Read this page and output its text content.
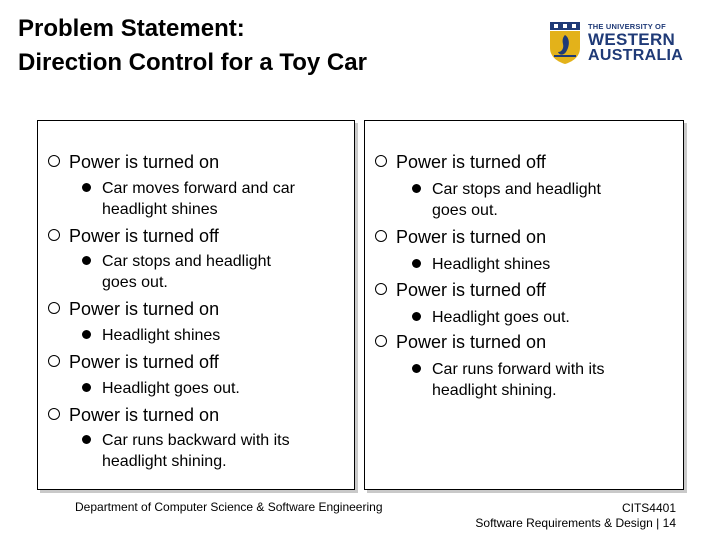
Problem Statement:
Direction Control for a Toy Car
THE UNIVERSITY OF
WESTERN
AUSTRALIA
Power is turned on
Car moves forward and car
headlight shines
Power is turned off
Car stops and headlight
goes out.
Power is turned on
Headlight shines
Power is turned off
Headlight goes out.
Power is turned on
Car runs backward with its
headlight shining.
Power is turned off
Car stops and headlight
goes out.
Power is turned on
Headlight shines
Power is turned off
Headlight goes out.
Power is turned on
Car runs forward with its
headlight shining.
Department of Computer Science & Software Engineering	CITS4401
Software Requirements & Design | 14
